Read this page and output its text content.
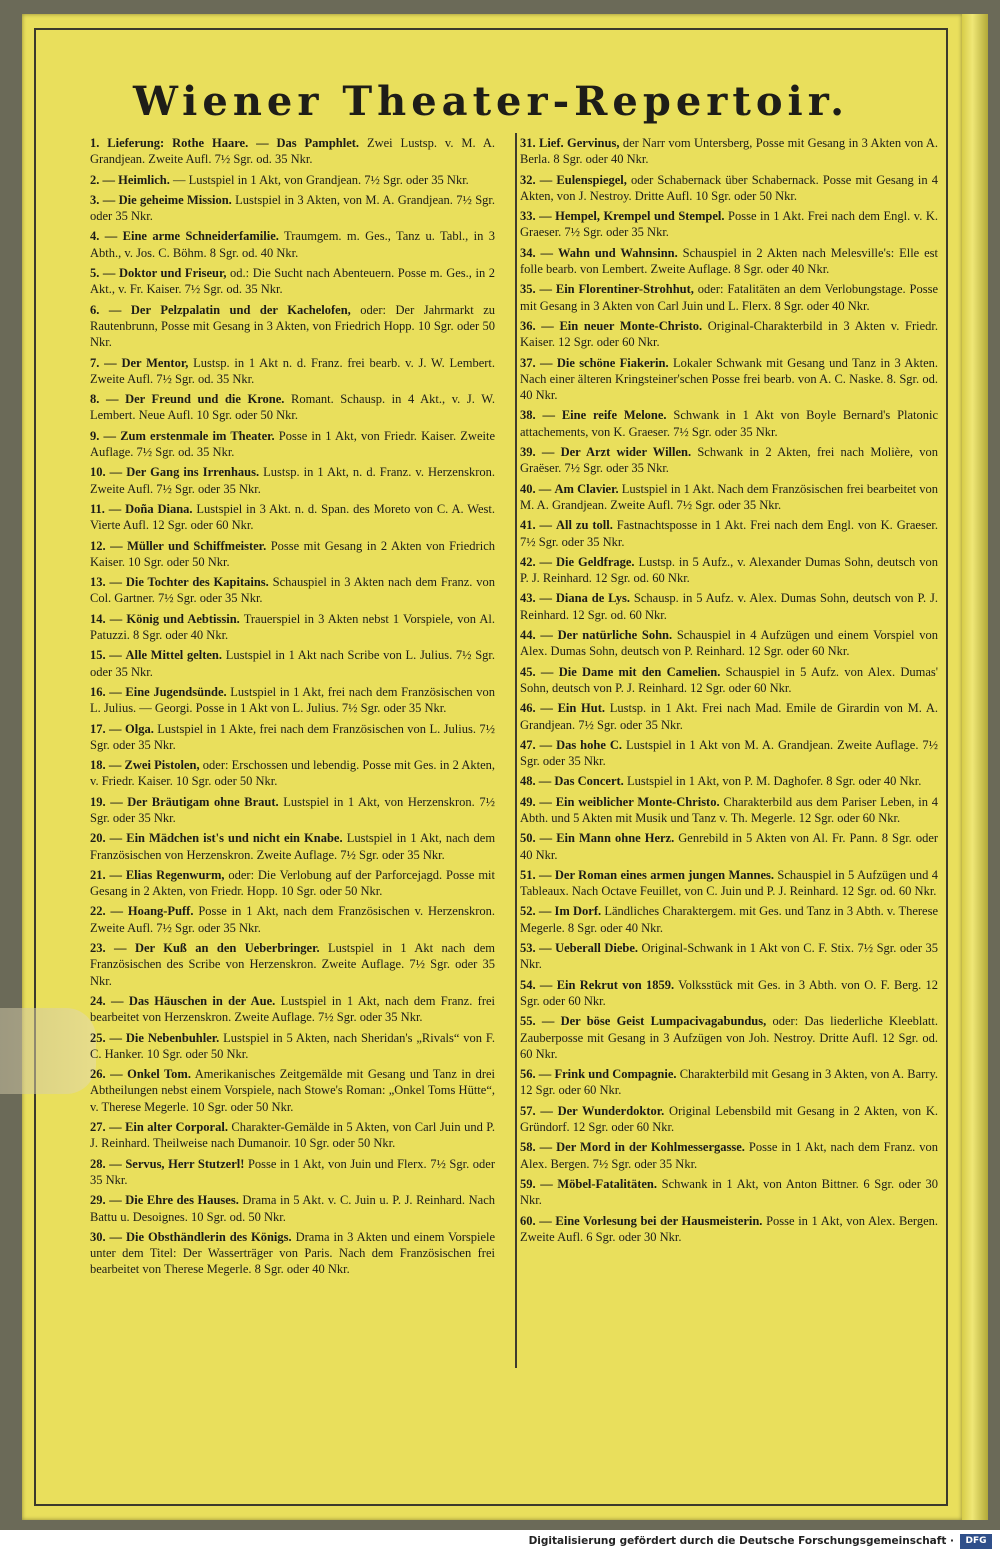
Wiener Theater-Repertoir.

1. Lieferung: Rothe Haare. — Das Pamphlet. Zwei Lustsp. v. M. A. Grandjean. Zweite Aufl. 7½ Sgr. od. 35 Nkr.

2. — Heimlich. — Lustspiel in 1 Akt, von Grandjean. 7½ Sgr. oder 35 Nkr.

3. — Die geheime Mission. Lustspiel in 3 Akten, von M. A. Grandjean. 7½ Sgr. oder 35 Nkr.

4. — Eine arme Schneiderfamilie. Traumgem. m. Ges., Tanz u. Tabl., in 3 Abth., v. Jos. C. Böhm. 8 Sgr. od. 40 Nkr.

5. — Doktor und Friseur, od.: Die Sucht nach Abenteuern. Posse m. Ges., in 2 Akt., v. Fr. Kaiser. 7½ Sgr. od. 35 Nkr.

6. — Der Pelzpalatin und der Kachelofen, oder: Der Jahrmarkt zu Rautenbrunn, Posse mit Gesang in 3 Akten, von Friedrich Hopp. 10 Sgr. oder 50 Nkr.

7. — Der Mentor, Lustsp. in 1 Akt n. d. Franz. frei bearb. v. J. W. Lembert. Zweite Aufl. 7½ Sgr. od. 35 Nkr.

8. — Der Freund und die Krone. Romant. Schausp. in 4 Akt., v. J. W. Lembert. Neue Aufl. 10 Sgr. oder 50 Nkr.

9. — Zum erstenmale im Theater. Posse in 1 Akt, von Friedr. Kaiser. Zweite Auflage. 7½ Sgr. od. 35 Nkr.

10. — Der Gang ins Irrenhaus. Lustsp. in 1 Akt, n. d. Franz. v. Herzenskron. Zweite Aufl. 7½ Sgr. oder 35 Nkr.

11. — Doña Diana. Lustspiel in 3 Akt. n. d. Span. des Moreto von C. A. West. Vierte Aufl. 12 Sgr. oder 60 Nkr.

12. — Müller und Schiffmeister. Posse mit Gesang in 2 Akten von Friedrich Kaiser. 10 Sgr. oder 50 Nkr.

13. — Die Tochter des Kapitains. Schauspiel in 3 Akten nach dem Franz. von Col. Gartner. 7½ Sgr. oder 35 Nkr.

14. — König und Aebtissin. Trauerspiel in 3 Akten nebst 1 Vorspiele, von Al. Patuzzi. 8 Sgr. oder 40 Nkr.

15. — Alle Mittel gelten. Lustspiel in 1 Akt nach Scribe von L. Julius. 7½ Sgr. oder 35 Nkr.

16. — Eine Jugendsünde. Lustspiel in 1 Akt, frei nach dem Französischen von L. Julius. — Georgi. Posse in 1 Akt von L. Julius. 7½ Sgr. oder 35 Nkr.

17. — Olga. Lustspiel in 1 Akte, frei nach dem Französischen von L. Julius. 7½ Sgr. oder 35 Nkr.

18. — Zwei Pistolen, oder: Erschossen und lebendig. Posse mit Ges. in 2 Akten, v. Friedr. Kaiser. 10 Sgr. oder 50 Nkr.

19. — Der Bräutigam ohne Braut. Lustspiel in 1 Akt, von Herzenskron. 7½ Sgr. oder 35 Nkr.

20. — Ein Mädchen ist's und nicht ein Knabe. Lustspiel in 1 Akt, nach dem Französischen von Herzenskron. Zweite Auflage. 7½ Sgr. oder 35 Nkr.

21. — Elias Regenwurm, oder: Die Verlobung auf der Parforcejagd. Posse mit Gesang in 2 Akten, von Friedr. Hopp. 10 Sgr. oder 50 Nkr.

22. — Hoang-Puff. Posse in 1 Akt, nach dem Französischen v. Herzenskron. Zweite Aufl. 7½ Sgr. oder 35 Nkr.

23. — Der Kuß an den Ueberbringer. Lustspiel in 1 Akt nach dem Französischen des Scribe von Herzenskron. Zweite Auflage. 7½ Sgr. oder 35 Nkr.

24. — Das Häuschen in der Aue. Lustspiel in 1 Akt, nach dem Franz. frei bearbeitet von Herzenskron. Zweite Auflage. 7½ Sgr. oder 35 Nkr.

25. — Die Nebenbuhler. Lustspiel in 5 Akten, nach Sheridan's „Rivals“ von F. C. Hanker. 10 Sgr. oder 50 Nkr.

26. — Onkel Tom. Amerikanisches Zeitgemälde mit Gesang und Tanz in drei Abtheilungen nebst einem Vorspiele, nach Stowe's Roman: „Onkel Toms Hütte“, v. Therese Megerle. 10 Sgr. oder 50 Nkr.

27. — Ein alter Corporal. Charakter-Gemälde in 5 Akten, von Carl Juin und P. J. Reinhard. Theilweise nach Dumanoir. 10 Sgr. oder 50 Nkr.

28. — Servus, Herr Stutzerl! Posse in 1 Akt, von Juin und Flerx. 7½ Sgr. oder 35 Nkr.

29. — Die Ehre des Hauses. Drama in 5 Akt. v. C. Juin u. P. J. Reinhard. Nach Battu u. Desoignes. 10 Sgr. od. 50 Nkr.

30. — Die Obsthändlerin des Königs. Drama in 3 Akten und einem Vorspiele unter dem Titel: Der Wasserträger von Paris. Nach dem Französischen frei bearbeitet von Therese Megerle. 8 Sgr. oder 40 Nkr.

31. Lief. Gervinus, der Narr vom Untersberg, Posse mit Gesang in 3 Akten von A. Berla. 8 Sgr. oder 40 Nkr.

32. — Eulenspiegel, oder Schabernack über Schabernack. Posse mit Gesang in 4 Akten, von J. Nestroy. Dritte Aufl. 10 Sgr. oder 50 Nkr.

33. — Hempel, Krempel und Stempel. Posse in 1 Akt. Frei nach dem Engl. v. K. Graeser. 7½ Sgr. oder 35 Nkr.

34. — Wahn und Wahnsinn. Schauspiel in 2 Akten nach Melesville's: Elle est folle bearb. von Lembert. Zweite Auflage. 8 Sgr. oder 40 Nkr.

35. — Ein Florentiner-Strohhut, oder: Fatalitäten an dem Verlobungstage. Posse mit Gesang in 3 Akten von Carl Juin und L. Flerx. 8 Sgr. oder 40 Nkr.

36. — Ein neuer Monte-Christo. Original-Charakterbild in 3 Akten v. Friedr. Kaiser. 12 Sgr. oder 60 Nkr.

37. — Die schöne Fiakerin. Lokaler Schwank mit Gesang und Tanz in 3 Akten. Nach einer älteren Kringsteiner'schen Posse frei bearb. von A. C. Naske. 8. Sgr. od. 40 Nkr.

38. — Eine reife Melone. Schwank in 1 Akt von Boyle Bernard's Platonic attachements, von K. Graeser. 7½ Sgr. oder 35 Nkr.

39. — Der Arzt wider Willen. Schwank in 2 Akten, frei nach Molière, von Graëser. 7½ Sgr. oder 35 Nkr.

40. — Am Clavier. Lustspiel in 1 Akt. Nach dem Französischen frei bearbeitet von M. A. Grandjean. Zweite Aufl. 7½ Sgr. oder 35 Nkr.

41. — All zu toll. Fastnachtsposse in 1 Akt. Frei nach dem Engl. von K. Graeser. 7½ Sgr. oder 35 Nkr.

42. — Die Geldfrage. Lustsp. in 5 Aufz., v. Alexander Dumas Sohn, deutsch von P. J. Reinhard. 12 Sgr. od. 60 Nkr.

43. — Diana de Lys. Schausp. in 5 Aufz. v. Alex. Dumas Sohn, deutsch von P. J. Reinhard. 12 Sgr. od. 60 Nkr.

44. — Der natürliche Sohn. Schauspiel in 4 Aufzügen und einem Vorspiel von Alex. Dumas Sohn, deutsch von P. Reinhard. 12 Sgr. oder 60 Nkr.

45. — Die Dame mit den Camelien. Schauspiel in 5 Aufz. von Alex. Dumas' Sohn, deutsch von P. J. Reinhard. 12 Sgr. oder 60 Nkr.

46. — Ein Hut. Lustsp. in 1 Akt. Frei nach Mad. Emile de Girardin von M. A. Grandjean. 7½ Sgr. oder 35 Nkr.

47. — Das hohe C. Lustspiel in 1 Akt von M. A. Grandjean. Zweite Auflage. 7½ Sgr. oder 35 Nkr.

48. — Das Concert. Lustspiel in 1 Akt, von P. M. Daghofer. 8 Sgr. oder 40 Nkr.

49. — Ein weiblicher Monte-Christo. Charakterbild aus dem Pariser Leben, in 4 Abth. und 5 Akten mit Musik und Tanz v. Th. Megerle. 12 Sgr. oder 60 Nkr.

50. — Ein Mann ohne Herz. Genrebild in 5 Akten von Al. Fr. Pann. 8 Sgr. oder 40 Nkr.

51. — Der Roman eines armen jungen Mannes. Schauspiel in 5 Aufzügen und 4 Tableaux. Nach Octave Feuillet, von C. Juin und P. J. Reinhard. 12 Sgr. od. 60 Nkr.

52. — Im Dorf. Ländliches Charaktergem. mit Ges. und Tanz in 3 Abth. v. Therese Megerle. 8 Sgr. oder 40 Nkr.

53. — Ueberall Diebe. Original-Schwank in 1 Akt von C. F. Stix. 7½ Sgr. oder 35 Nkr.

54. — Ein Rekrut von 1859. Volksstück mit Ges. in 3 Abth. von O. F. Berg. 12 Sgr. oder 60 Nkr.

55. — Der böse Geist Lumpacivagabundus, oder: Das liederliche Kleeblatt. Zauberposse mit Gesang in 3 Aufzügen von Joh. Nestroy. Dritte Aufl. 12 Sgr. od. 60 Nkr.

56. — Frink und Compagnie. Charakterbild mit Gesang in 3 Akten, von A. Barry. 12 Sgr. oder 60 Nkr.

57. — Der Wunderdoktor. Original Lebensbild mit Gesang in 2 Akten, von K. Gründorf. 12 Sgr. oder 60 Nkr.

58. — Der Mord in der Kohlmessergasse. Posse in 1 Akt, nach dem Franz. von Alex. Bergen. 7½ Sgr. oder 35 Nkr.

59. — Möbel-Fatalitäten. Schwank in 1 Akt, von Anton Bittner. 6 Sgr. oder 30 Nkr.

60. — Eine Vorlesung bei der Hausmeisterin. Posse in 1 Akt, von Alex. Bergen. Zweite Aufl. 6 Sgr. oder 30 Nkr.

Digitalisierung gefördert durch die Deutsche Forschungsgemeinschaft ·	DFG
